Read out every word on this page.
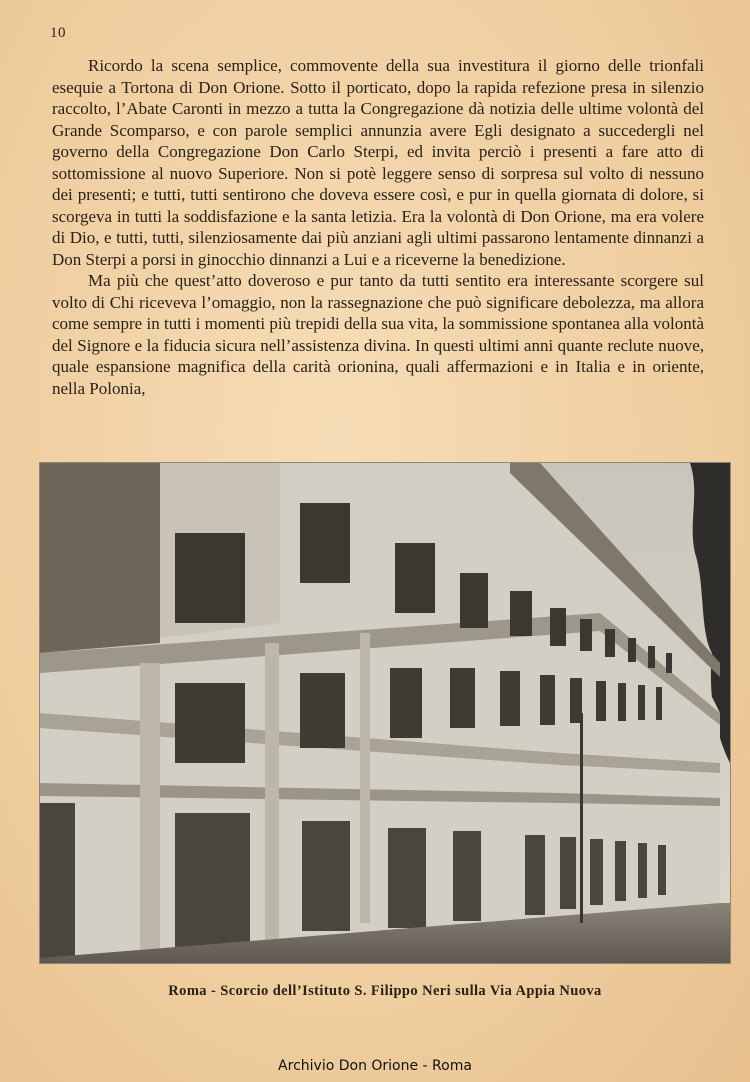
10

Ricordo la scena semplice, commovente della sua investitura il giorno delle trionfali esequie a Tortona di Don Orione. Sotto il porticato, dopo la rapida refezione presa in silenzio raccolto, l’Abate Caronti in mezzo a tutta la Congregazione dà notizia delle ultime volontà del Grande Scomparso, e con parole semplici annunzia avere Egli designato a succedergli nel governo della Congregazione Don Carlo Sterpi, ed invita perciò i presenti a fare atto di sottomissione al nuovo Superiore. Non si potè leggere senso di sorpresa sul volto di nessuno dei presenti; e tutti, tutti sentirono che doveva essere così, e pur in quella giornata di dolore, si scorgeva in tutti la soddisfazione e la santa letizia. Era la volontà di Don Orione, ma era volere di Dio, e tutti, tutti, silenziosamente dai più anziani agli ultimi passarono lentamente dinnanzi a Don Sterpi a porsi in ginocchio dinnanzi a Lui e a riceverne la benedizione.

Ma più che quest’atto doveroso e pur tanto da tutti sentito era interessante scorgere sul volto di Chi riceveva l’omaggio, non la rassegnazione che può significare debolezza, ma allora come sempre in tutti i momenti più trepidi della sua vita, la sommissione spontanea alla volontà del Signore e la fiducia sicura nell’assistenza divina. In questi ultimi anni quante reclute nuove, quale espansione magnifica della carità orionina, quali affermazioni e in Italia e in oriente, nella Polonia,

Roma - Scorcio dell’Istituto S. Filippo Neri sulla Via Appia Nuova
Archivio Don Orione - Roma
